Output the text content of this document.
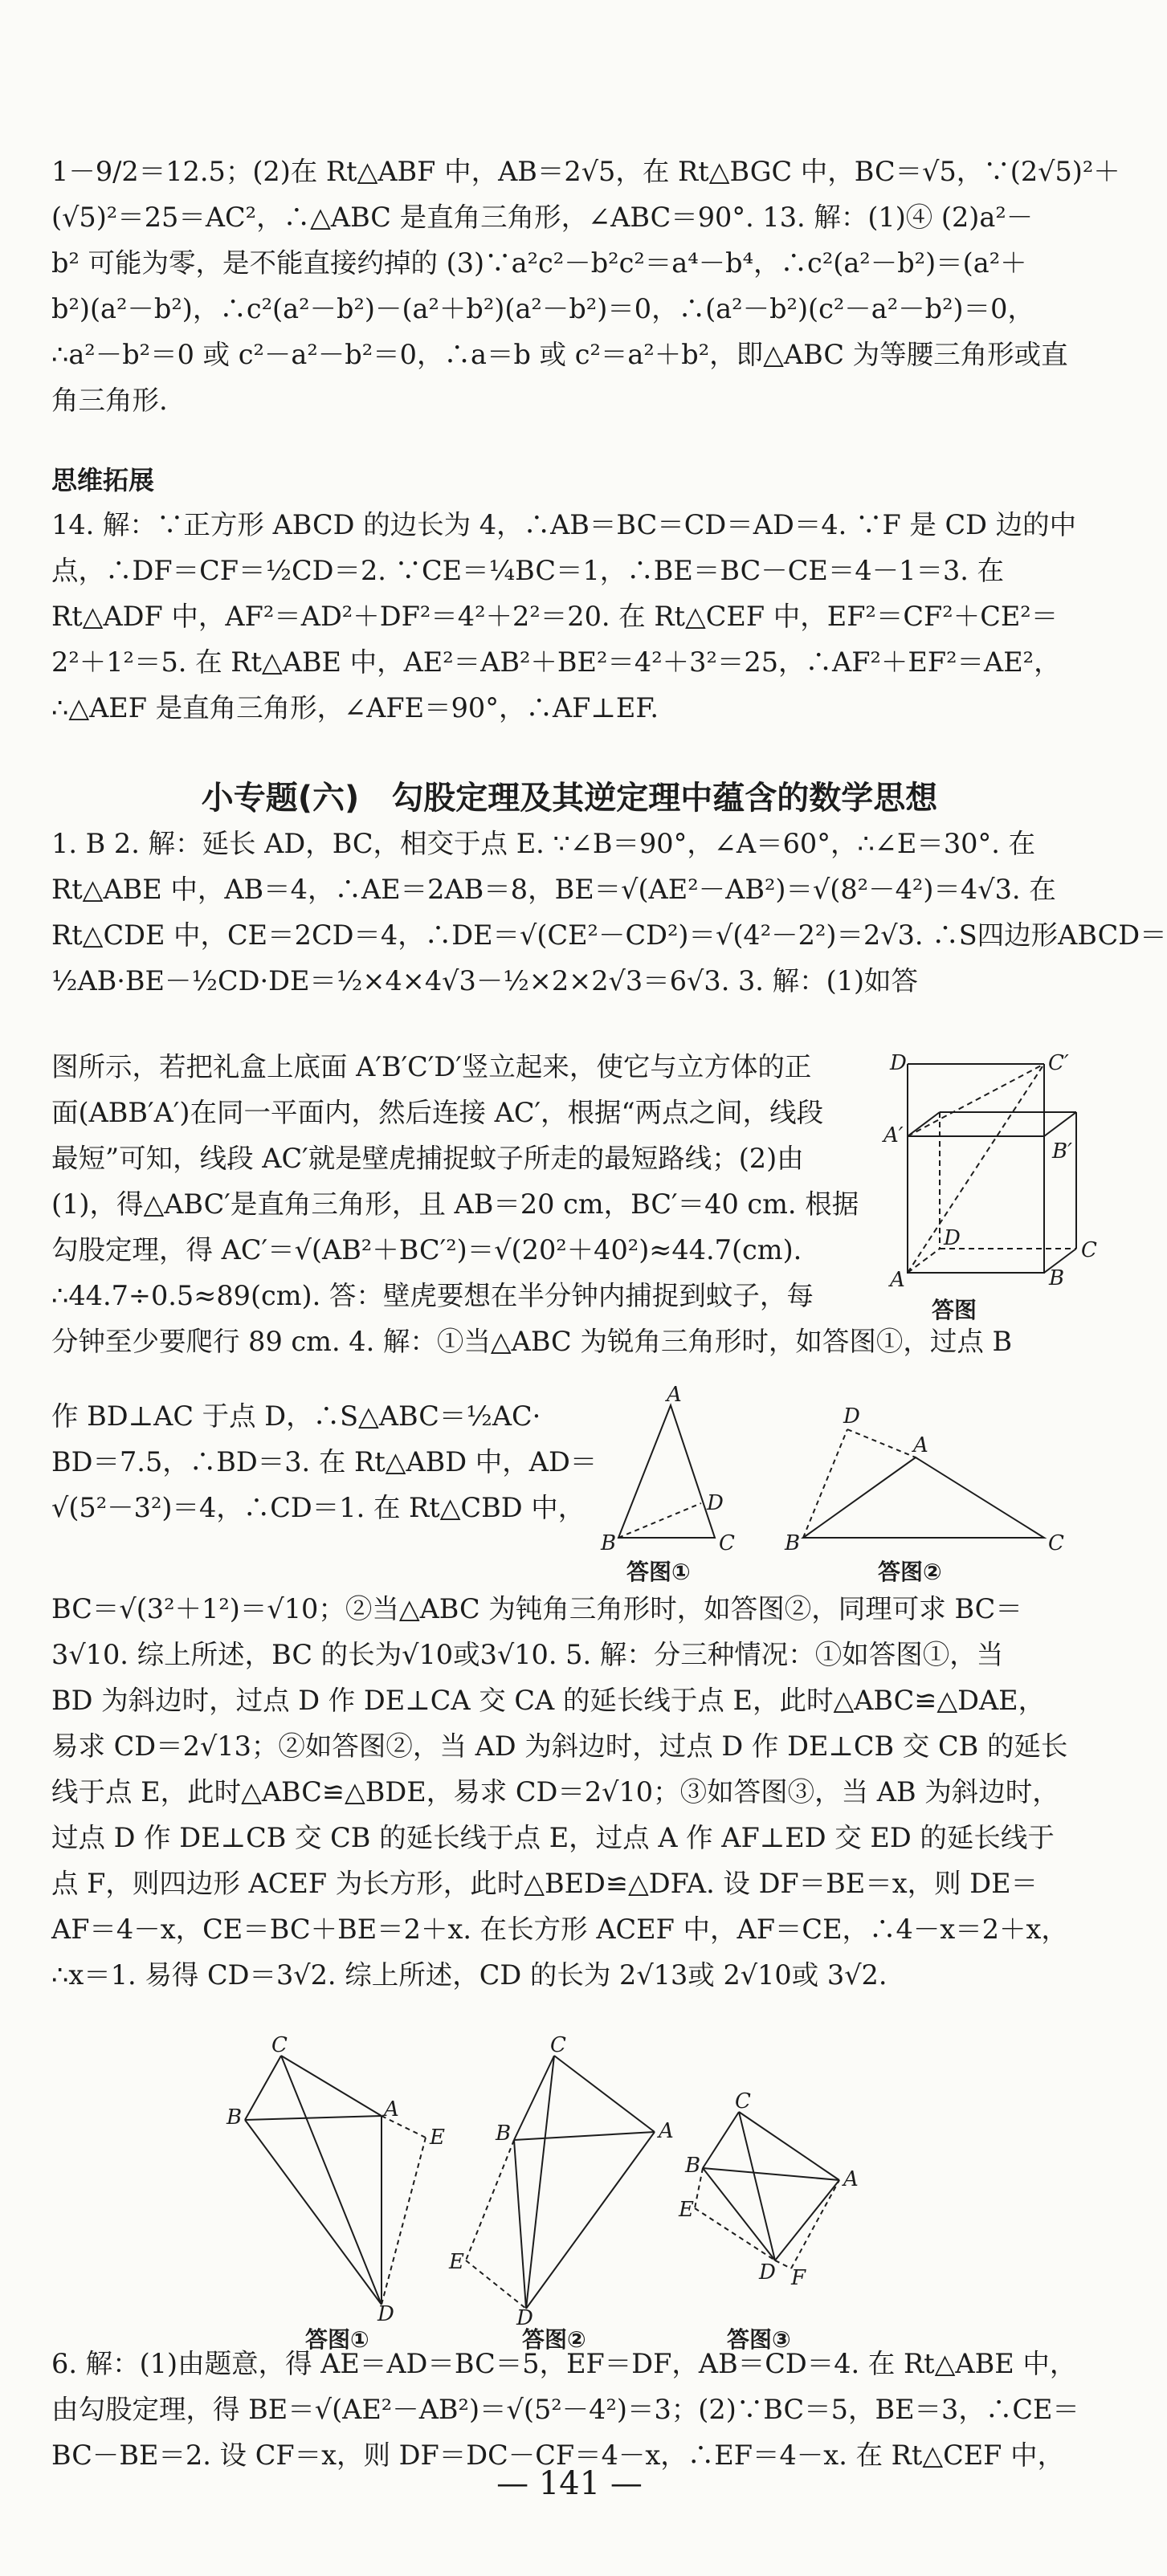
1－9/2＝12.5；(2)在 Rt△ABF 中，AB＝2√5，在 Rt△BGC 中，BC＝√5，∵(2√5)²＋
(√5)²＝25＝AC²，∴△ABC 是直角三角形，∠ABC＝90°. 13. 解：(1)④ (2)a²－
b² 可能为零，是不能直接约掉的 (3)∵a²c²－b²c²＝a⁴－b⁴，∴c²(a²－b²)＝(a²＋
b²)(a²－b²)，∴c²(a²－b²)－(a²＋b²)(a²－b²)＝0，∴(a²－b²)(c²－a²－b²)＝0，
∴a²－b²＝0 或 c²－a²－b²＝0，∴a＝b 或 c²＝a²＋b²，即△ABC 为等腰三角形或直
角三角形.
思维拓展
14. 解：∵正方形 ABCD 的边长为 4，∴AB＝BC＝CD＝AD＝4. ∵F 是 CD 边的中
点，∴DF＝CF＝½CD＝2. ∵CE＝¼BC＝1，∴BE＝BC－CE＝4－1＝3. 在
Rt△ADF 中，AF²＝AD²＋DF²＝4²＋2²＝20. 在 Rt△CEF 中，EF²＝CF²＋CE²＝
2²＋1²＝5. 在 Rt△ABE 中，AE²＝AB²＋BE²＝4²＋3²＝25，∴AF²＋EF²＝AE²，
∴△AEF 是直角三角形，∠AFE＝90°，∴AF⊥EF.
小专题(六)　勾股定理及其逆定理中蕴含的数学思想
1. B 2. 解：延长 AD，BC，相交于点 E. ∵∠B＝90°，∠A＝60°，∴∠E＝30°. 在
Rt△ABE 中，AB＝4，∴AE＝2AB＝8，BE＝√(AE²－AB²)＝√(8²－4²)＝4√3. 在
Rt△CDE 中，CE＝2CD＝4，∴DE＝√(CE²－CD²)＝√(4²－2²)＝2√3. ∴S四边形ABCD＝
½AB·BE－½CD·DE＝½×4×4√3－½×2×2√3＝6√3. 3. 解：(1)如答
图所示，若把礼盒上底面 A′B′C′D′竖立起来，使它与立方体的正
面(ABB′A′)在同一平面内，然后连接 AC′，根据“两点之间，线段
最短”可知，线段 AC′就是壁虎捕捉蚊子所走的最短路线；(2)由
(1)，得△ABC′是直角三角形，且 AB＝20 cm，BC′＝40 cm. 根据
勾股定理，得 AC′＝√(AB²＋BC′²)＝√(20²＋40²)≈44.7(cm).
D	C′
A′
B′
D	C
B
A
答图
∴44.7÷0.5≈89(cm). 答：壁虎要想在半分钟内捕捉到蚊子，每
分钟至少要爬行 89 cm. 4. 解：①当△ABC 为锐角三角形时，如答图①，过点 B
作 BD⊥AC 于点 D，∴S△ABC＝½AC·
BD＝7.5，∴BD＝3. 在 Rt△ABD 中，AD＝
√(5²－3²)＝4，∴CD＝1. 在 Rt△CBD 中，
A
D
B	C
答图①
D
A
B	C
答图②
BC＝√(3²＋1²)＝√10；②当△ABC 为钝角三角形时，如答图②，同理可求 BC＝
3√10. 综上所述，BC 的长为√10或3√10. 5. 解：分三种情况：①如答图①，当
BD 为斜边时，过点 D 作 DE⊥CA 交 CA 的延长线于点 E，此时△ABC≌△DAE，
易求 CD＝2√13；②如答图②，当 AD 为斜边时，过点 D 作 DE⊥CB 交 CB 的延长
线于点 E，此时△ABC≌△BDE，易求 CD＝2√10；③如答图③，当 AB 为斜边时，
过点 D 作 DE⊥CB 交 CB 的延长线于点 E，过点 A 作 AF⊥ED 交 ED 的延长线于
点 F，则四边形 ACEF 为长方形，此时△BED≌△DFA. 设 DF＝BE＝x，则 DE＝
AF＝4－x，CE＝BC＋BE＝2＋x. 在长方形 ACEF 中，AF＝CE，∴4－x＝2＋x，
∴x＝1. 易得 CD＝3√2. 综上所述，CD 的长为 2√13或 2√10或 3√2.
C
B	A
E
D
答图①
C
B	A
E
D
答图②
C
B
A
E
D F
答图③
6. 解：(1)由题意，得 AE＝AD＝BC＝5，EF＝DF，AB＝CD＝4. 在 Rt△ABE 中，
由勾股定理，得 BE＝√(AE²－AB²)＝√(5²－4²)＝3；(2)∵BC＝5，BE＝3，∴CE＝
BC－BE＝2. 设 CF＝x，则 DF＝DC－CF＝4－x，∴EF＝4－x. 在 Rt△CEF 中，
— 141 —
